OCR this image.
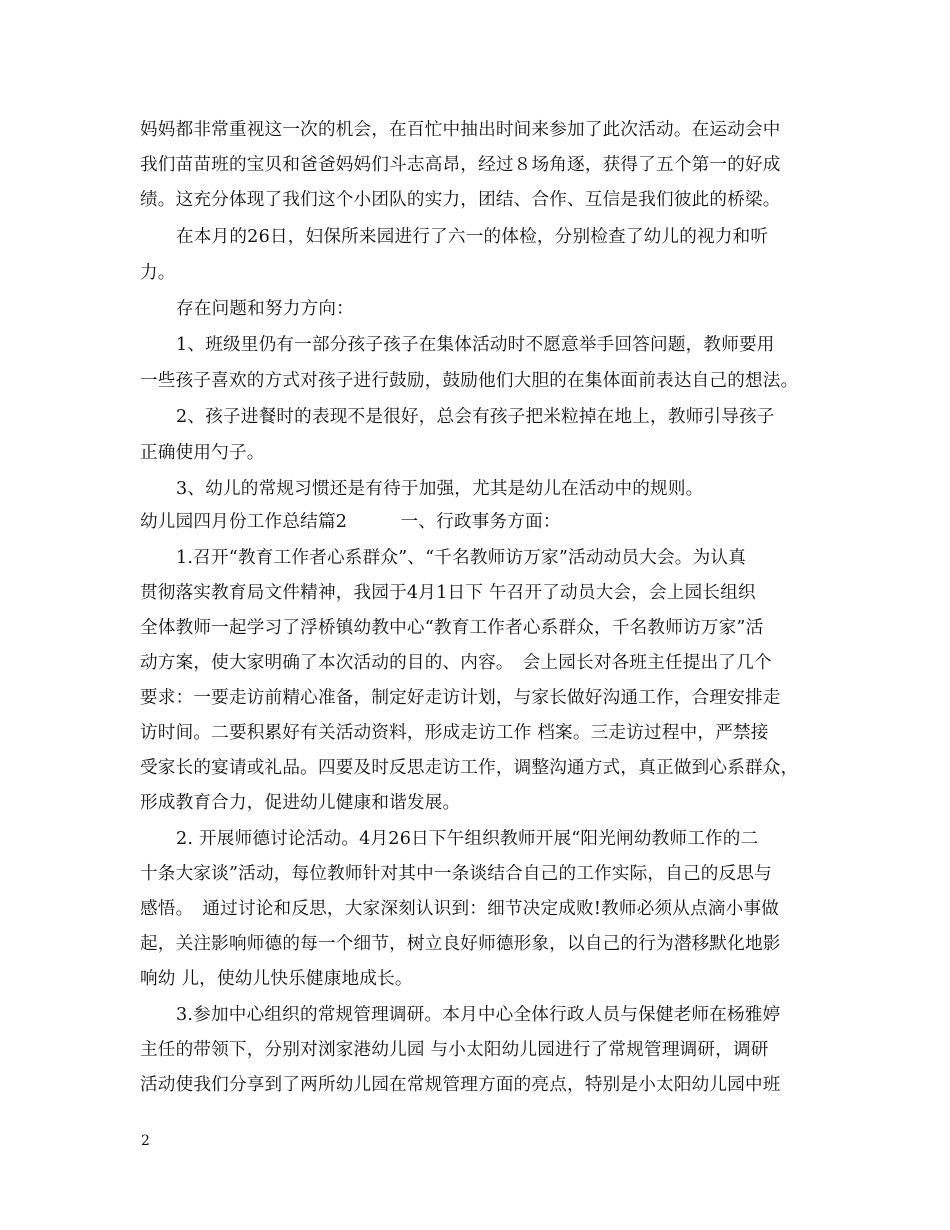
妈妈都非常重视这一次的机会，在百忙中抽出时间来参加了此次活动。在运动会中
我们苗苗班的宝贝和爸爸妈妈们斗志高昂，经过８场角逐，获得了五个第一的好成
绩。这充分体现了我们这个小团队的实力，团结、合作、互信是我们彼此的桥梁。
在本月的26日，妇保所来园进行了六一的体检，分别检查了幼儿的视力和听
力。
存在问题和努力方向：
1、班级里仍有一部分孩子孩子在集体活动时不愿意举手回答问题，教师要用
一些孩子喜欢的方式对孩子进行鼓励，鼓励他们大胆的在集体面前表达自己的想法。
2、孩子进餐时的表现不是很好，总会有孩子把米粒掉在地上，教师引导孩子
正确使用勺子。
3、幼儿的常规习惯还是有待于加强，尤其是幼儿在活动中的规则。
幼儿园四月份工作总结篇2　　　一、行政事务方面：
1.召开“教育工作者心系群众”、“千名教师访万家”活动动员大会。为认真
贯彻落实教育局文件精神，我园于4月1日下 午召开了动员大会，会上园长组织
全体教师一起学习了浮桥镇幼教中心“教育工作者心系群众，千名教师访万家”活
动方案，使大家明确了本次活动的目的、内容。　会上园长对各班主任提出了几个
要求：一要走访前精心准备，制定好走访计划，与家长做好沟通工作，合理安排走
访时间。二要积累好有关活动资料，形成走访工作 档案。三走访过程中，严禁接
受家长的宴请或礼品。四要及时反思走访工作，调整沟通方式，真正做到心系群众，
形成教育合力，促进幼儿健康和谐发展。
2. 开展师德讨论活动。4月26日下午组织教师开展“阳光闸幼教师工作的二
十条大家谈”活动，每位教师针对其中一条谈结合自己的工作实际，自己的反思与
感悟。　通过讨论和反思，大家深刻认识到：细节决定成败!教师必须从点滴小事做
起，关注影响师德的每一个细节，树立良好师德形象，以自己的行为潜移默化地影
响幼 儿，使幼儿快乐健康地成长。
3.参加中心组织的常规管理调研。本月中心全体行政人员与保健老师在杨雅婷
主任的带领下，分别对浏家港幼儿园 与小太阳幼儿园进行了常规管理调研，调研
活动使我们分享到了两所幼儿园在常规管理方面的亮点，特别是小太阳幼儿园中班
2
